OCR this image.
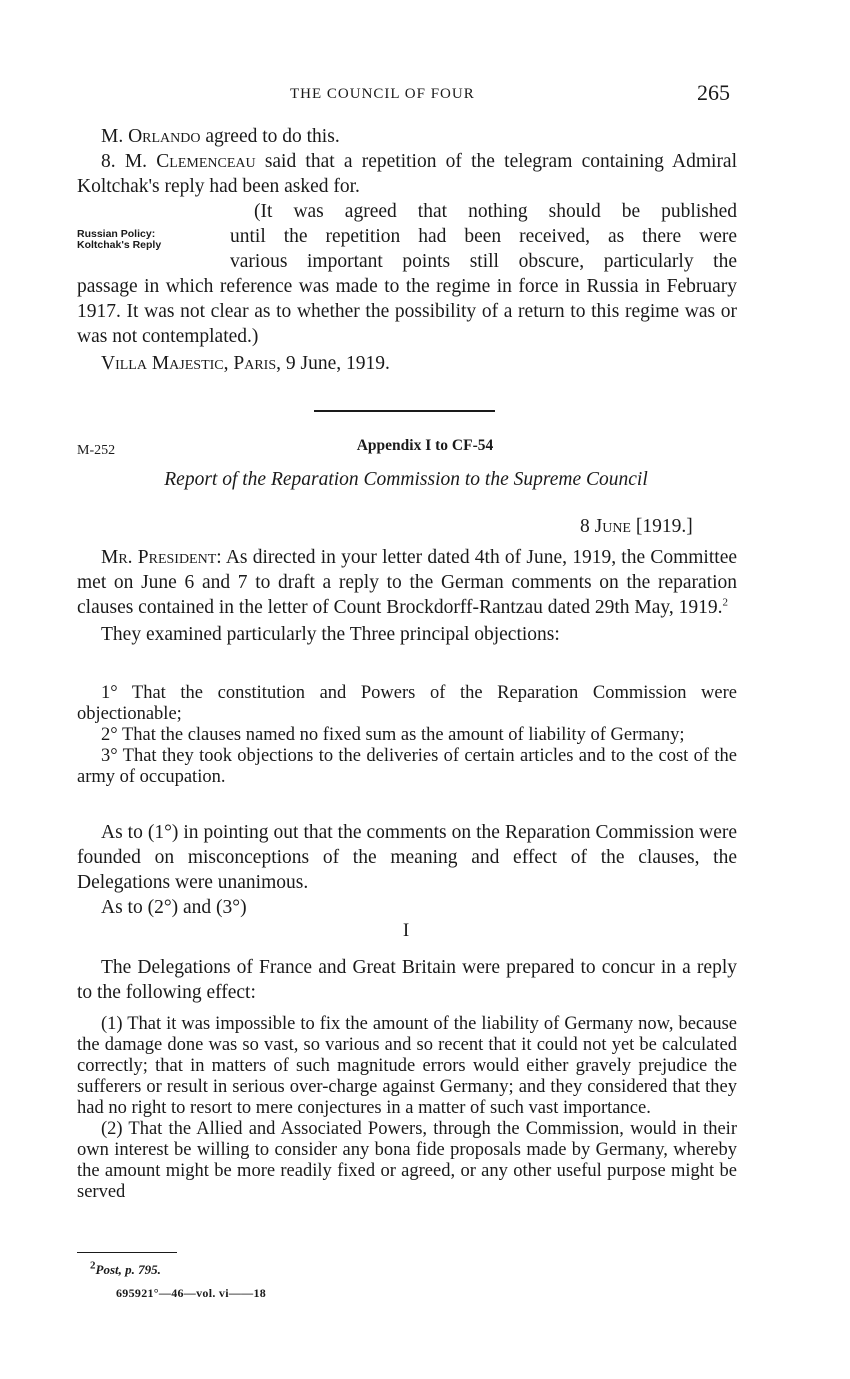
THE COUNCIL OF FOUR	265

M. Orlando agreed to do this.

8. M. Clemenceau said that a repetition of the telegram containing Admiral Koltchak's reply had been asked for.

(It was agreed that nothing should be published

until the repetition had been received, as there were

various important points still obscure, particularly the

passage in which reference was made to the regime in force in Russia in February 1917. It was not clear as to whether the possibility of a return to this regime was or was not contemplated.)

Villa Majestic, Paris, 9 June, 1919.

Russian Policy:
Koltchak's Reply
M-252	Appendix I to CF-54
Report of the Reparation Commission to the Supreme Council
8 June [1919.]

Mr. President: As directed in your letter dated 4th of June, 1919, the Committee met on June 6 and 7 to draft a reply to the German comments on the reparation clauses contained in the letter of Count Brockdorff-Rantzau dated 29th May, 1919.$^2$

They examined particularly the Three principal objections:

1° That the constitution and Powers of the Reparation Commission were objectionable;

2° That the clauses named no fixed sum as the amount of liability of Germany;

3° That they took objections to the deliveries of certain articles and to the cost of the army of occupation.

As to (1°) in pointing out that the comments on the Reparation Commission were founded on misconceptions of the meaning and effect of the clauses, the Delegations were unanimous.

As to (2°) and (3°)

I

The Delegations of France and Great Britain were prepared to concur in a reply to the following effect:

(1) That it was impossible to fix the amount of the liability of Germany now, because the damage done was so vast, so various and so recent that it could not yet be calculated correctly; that in matters of such magnitude errors would either gravely prejudice the sufferers or result in serious over-charge against Germany; and they considered that they had no right to resort to mere conjectures in a matter of such vast importance.

(2) That the Allied and Associated Powers, through the Commission, would in their own interest be willing to consider any bona fide proposals made by Germany, whereby the amount might be more readily fixed or agreed, or any other useful purpose might be served

$^2$Post, p. 795.
695921°—46—vol. vi——18
